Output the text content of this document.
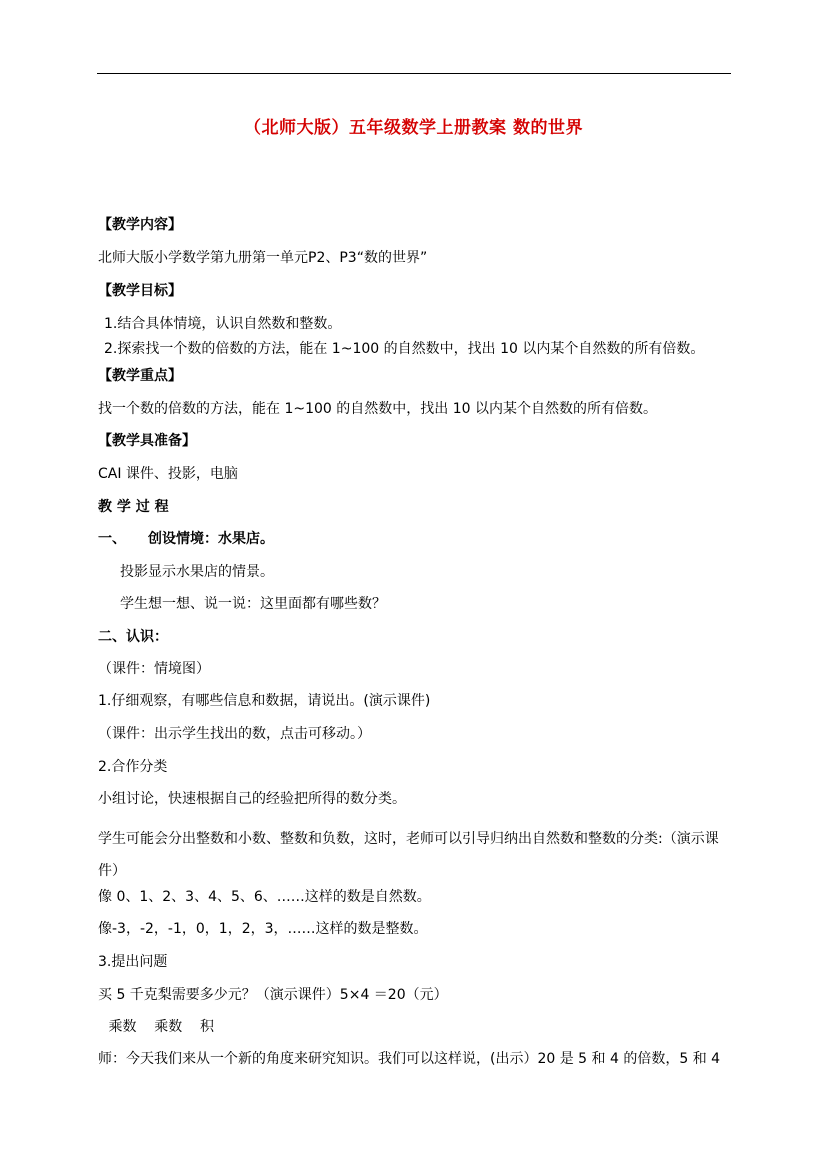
（北师大版）五年级数学上册教案 数的世界
【教学内容】
北师大版小学数学第九册第一单元P2、P3“数的世界”
【教学目标】
1.结合具体情境，认识自然数和整数。
2.探索找一个数的倍数的方法，能在 1~100 的自然数中，找出 10 以内某个自然数的所有倍数。
【教学重点】
找一个数的倍数的方法，能在 1~100 的自然数中，找出 10 以内某个自然数的所有倍数。
【教学具准备】
CAI 课件、投影，电脑
教 学 过 程
一、 创设情境：水果店。
投影显示水果店的情景。
学生想一想、说一说：这里面都有哪些数？
二、认识：
（课件：情境图）
1.仔细观察，有哪些信息和数据，请说出。(演示课件)
（课件：出示学生找出的数，点击可移动。）
2.合作分类
小组讨论，快速根据自己的经验把所得的数分类。
学生可能会分出整数和小数、整数和负数，这时，老师可以引导归纳出自然数和整数的分类:（演示课件）
像 0、1、2、3、4、5、6、……这样的数是自然数。
像-3，-2，-1，0，1，2，3，……这样的数是整数。
3.提出问题
买 5 千克梨需要多少元？（演示课件）5×4 ＝20（元）
乘数    乘数    积
师：今天我们来从一个新的角度来研究知识。我们可以这样说，(出示）20 是 5 和 4 的倍数，5 和 4
